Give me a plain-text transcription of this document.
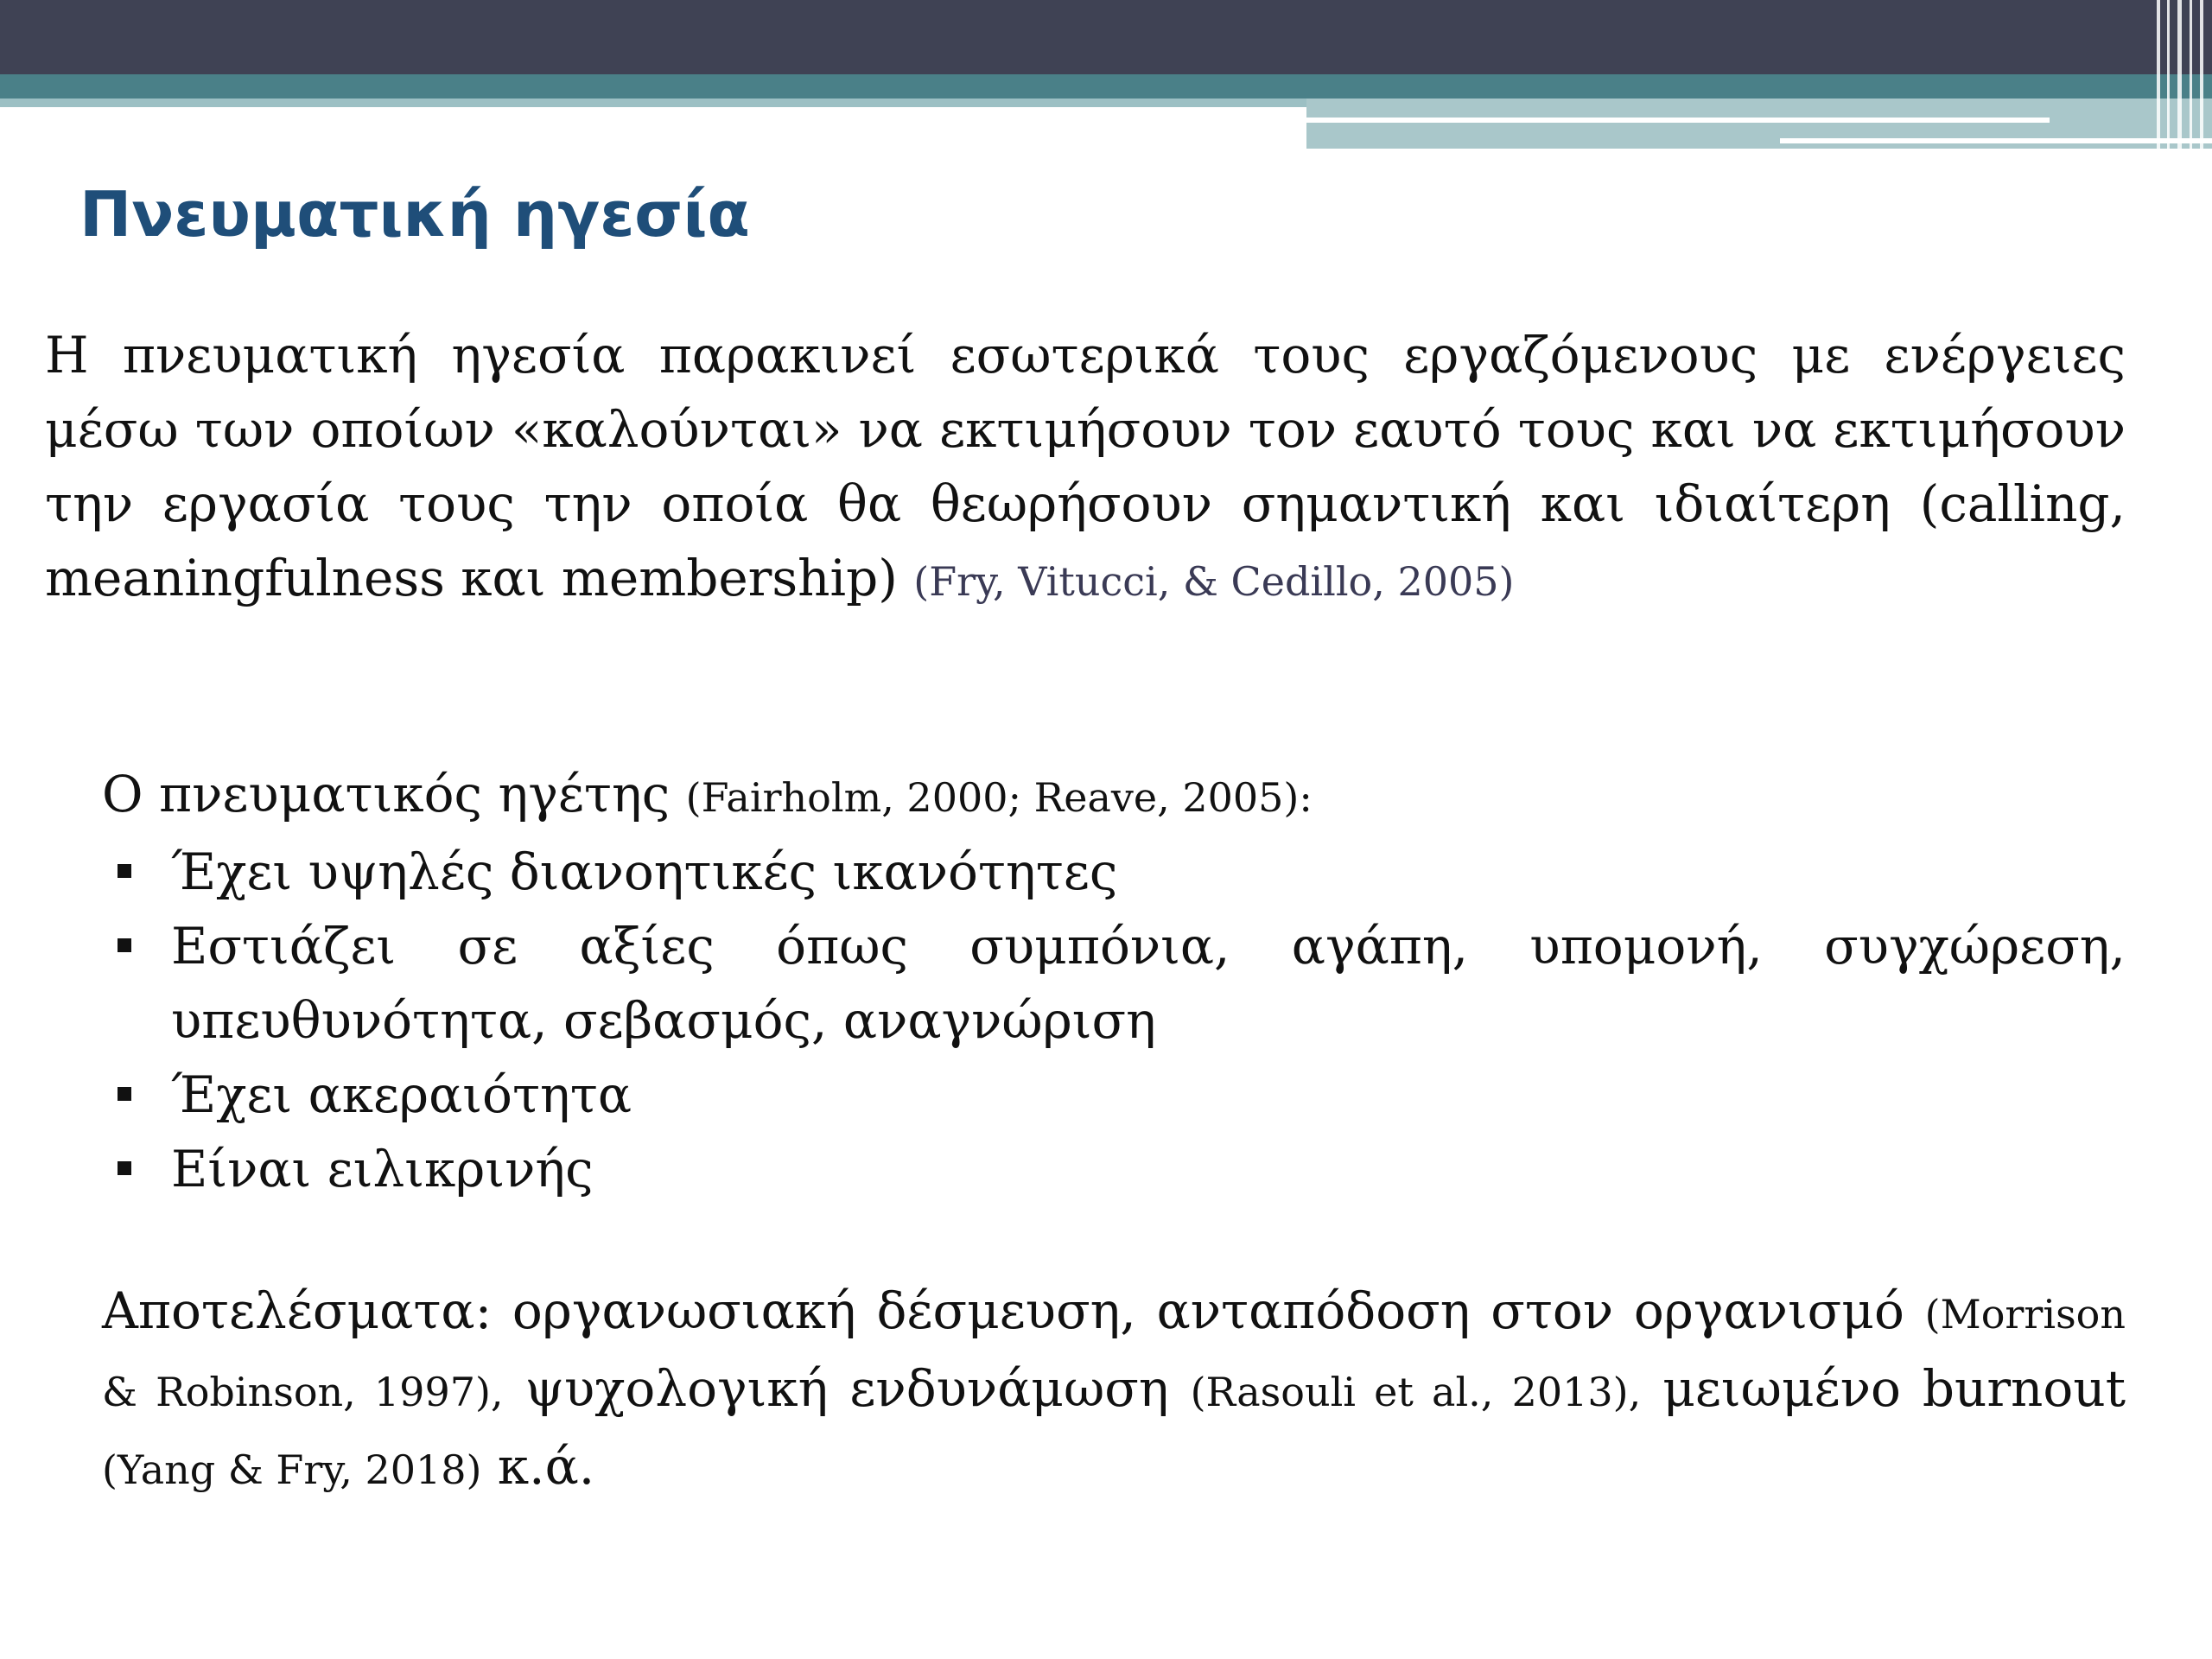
Πνευματική ηγεσία

Η πνευματική ηγεσία παρακινεί εσωτερικά τους εργαζόμενους με ενέργειες μέσω των οποίων «καλούνται» να εκτιμήσουν τον εαυτό τους και να εκτιμήσουν την εργασία τους την οποία θα θεωρήσουν σημαντική και ιδιαίτερη (calling, meaningfulness και membership) (Fry, Vitucci, & Cedillo, 2005)

Ο πνευματικός ηγέτης (Fairholm, 2000; Reave, 2005):

Έχει υψηλές διανοητικές ικανότητες
Εστιάζει σε αξίες όπως συμπόνια, αγάπη, υπομονή, συγχώρεση, υπευθυνότητα, σεβασμός, αναγνώριση
Έχει ακεραιότητα
Είναι ειλικρινής

Αποτελέσματα: οργανωσιακή δέσμευση, ανταπόδοση στον οργανισμό (Morrison & Robinson, 1997), ψυχολογική ενδυνάμωση (Rasouli et al., 2013), μειωμένο burnout (Yang & Fry, 2018) κ.ά.
